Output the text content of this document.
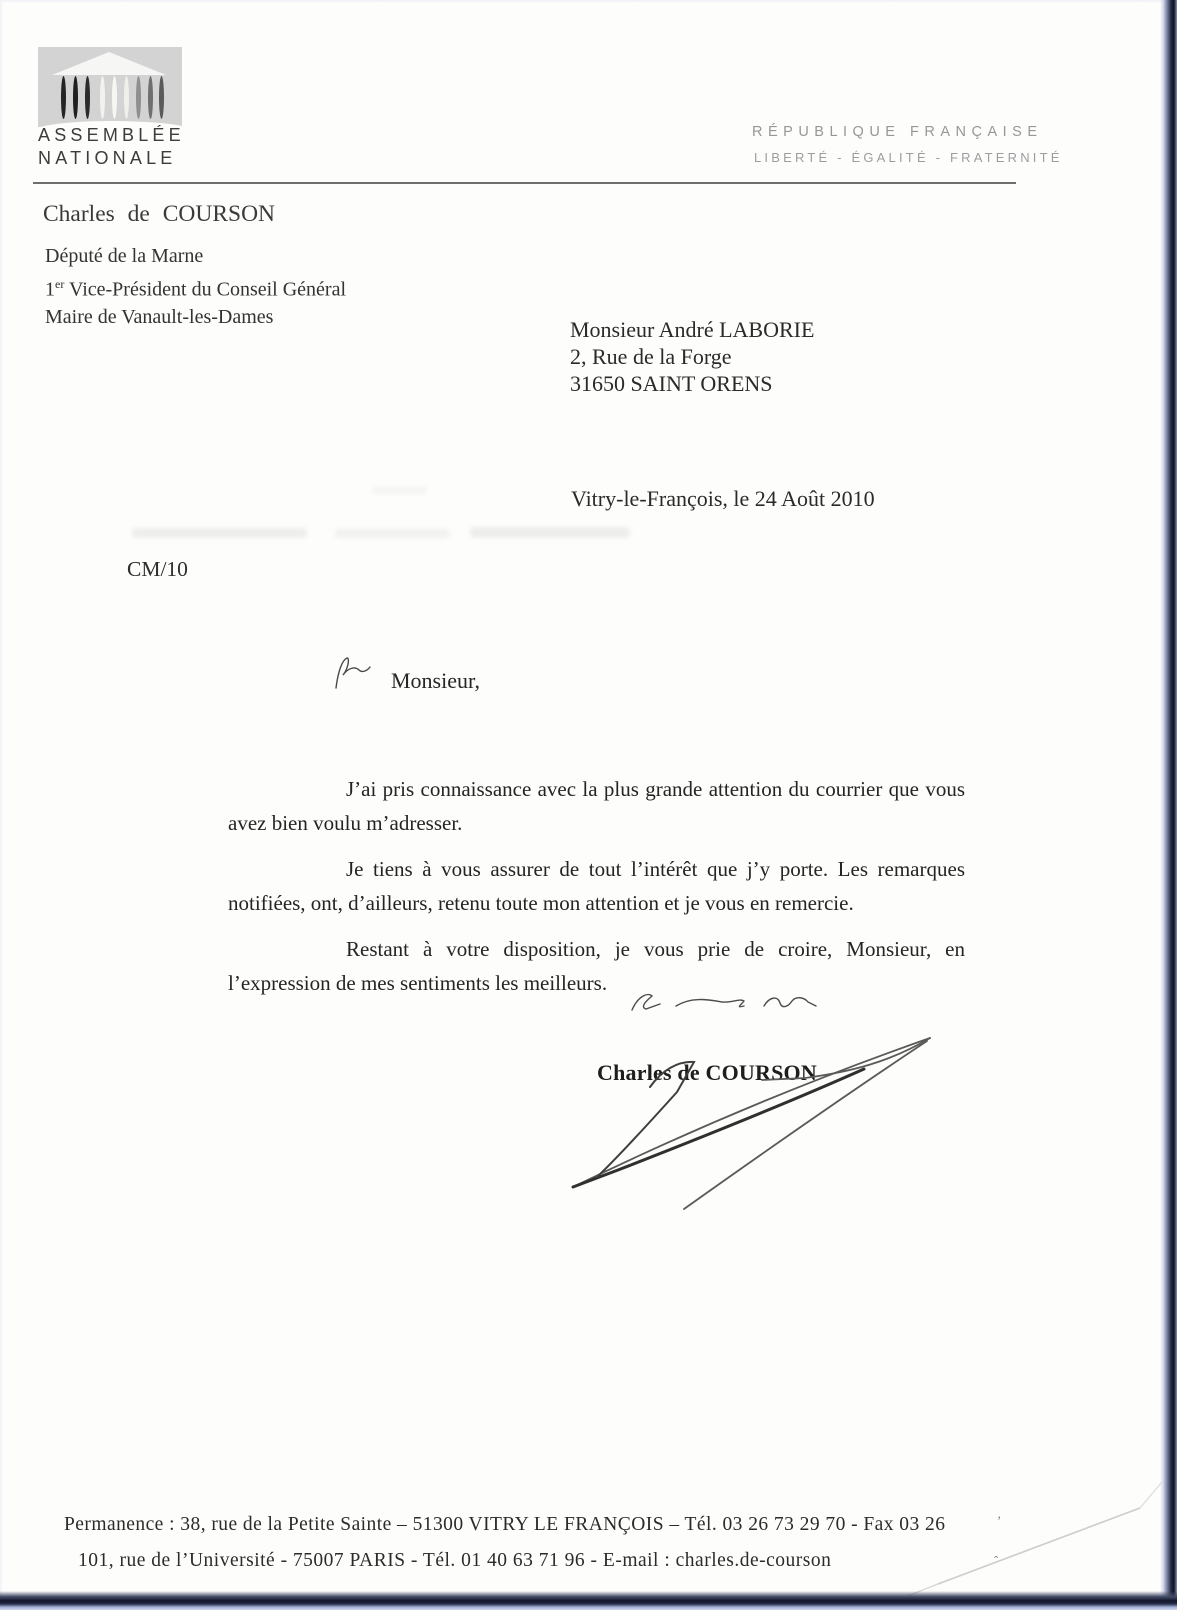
ASSEMBLÉE
NATIONALE
RÉPUBLIQUE FRANÇAISE
LIBERTÉ - ÉGALITÉ - FRATERNITÉ
Charles de COURSON
Député de la Marne
1er Vice-Président du Conseil Général
Maire de Vanault-les-Dames
Monsieur André LABORIE
2, Rue de la Forge
31650 SAINT ORENS
Vitry-le-François, le 24 Août 2010
CM/10
Monsieur,

J’ai pris connaissance avec la plus grande attention du courrier que vous avez bien voulu m’adresser.

Je tiens à vous assurer de tout l’intérêt que j’y porte. Les remarques notifiées, ont, d’ailleurs, retenu toute mon attention et je vous en remercie.

Restant à votre disposition, je vous prie de croire, Monsieur, en l’expression de mes sentiments les meilleurs.

Charles de COURSON
Permanence : 38, rue de la Petite Sainte – 51300 VITRY LE FRANÇOIS – Tél. 03 26 73 29 70 - Fax 03 26	’
101, rue de l’Université - 75007 PARIS - Tél. 01 40 63 71 96 - E-mail : charles.de-courson	ˆ
